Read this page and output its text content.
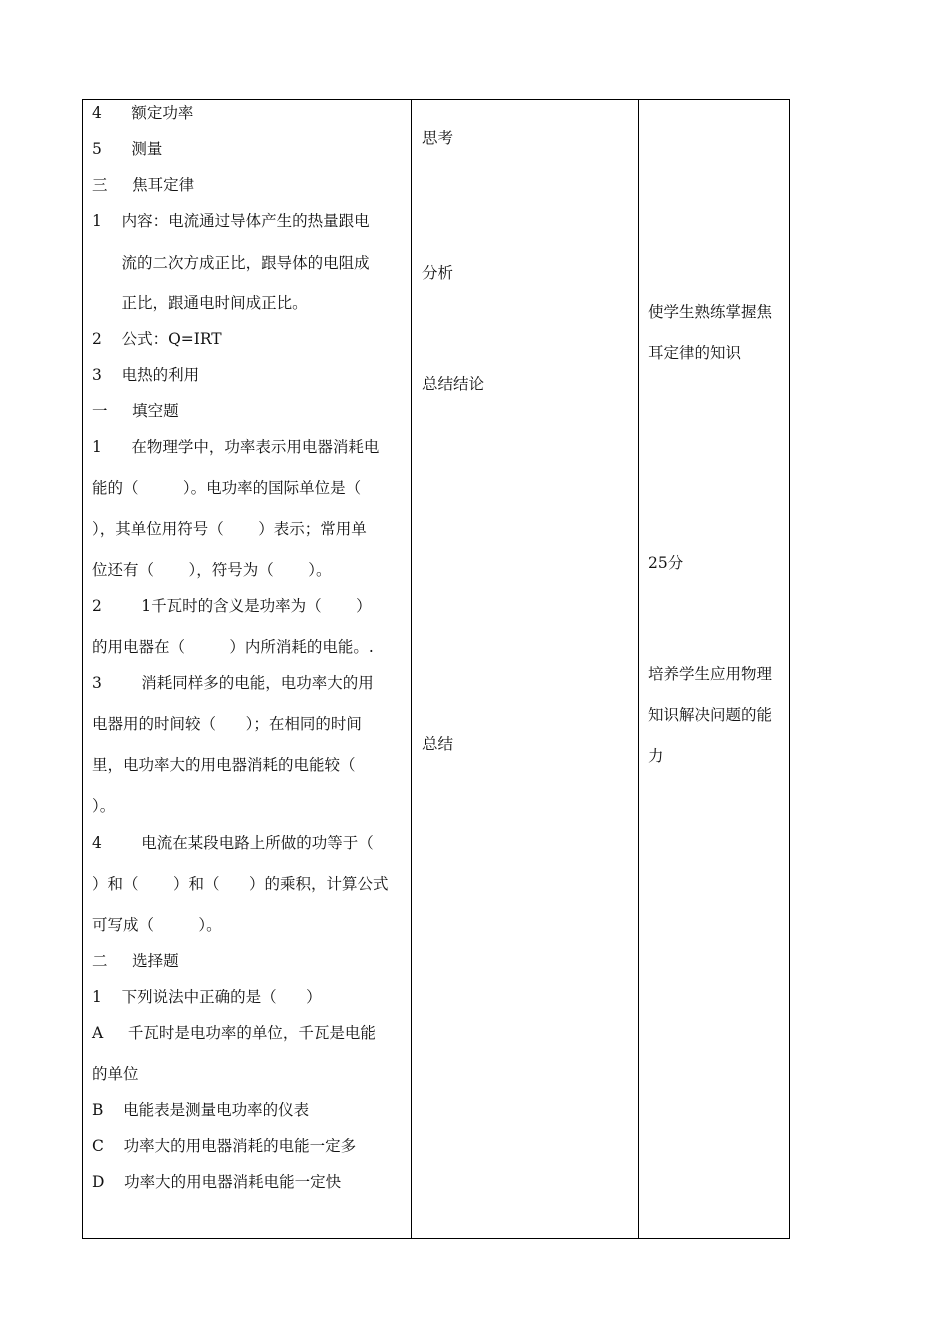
4      额定功率
5      测量
三     焦耳定律
1    内容：电流通过导体产生的热量跟电
流的二次方成正比，跟导体的电阻成
正比，跟通电时间成正比。
2    公式：Q=IRT
3    电热的利用
一     填空题
1      在物理学中，功率表示用电器消耗电
能的（         ）。电功率的国际单位是（
），其单位用符号（       ）表示；常用单
位还有（       ），符号为（       ）。
2        1千瓦时的含义是功率为（       ）
的用电器在（         ）内所消耗的电能。.
3        消耗同样多的电能，电功率大的用
电器用的时间较（      ）；在相同的时间
里，电功率大的用电器消耗的电能较（
）。
4        电流在某段电路上所做的功等于（
）和（       ）和（      ）的乘积，计算公式
可写成（         ）。
二     选择题
1    下列说法中正确的是（      ）
A     千瓦时是电功率的单位，千瓦是电能
的单位
B    电能表是测量电功率的仪表
C    功率大的用电器消耗的电能一定多
D    功率大的用电器消耗电能一定快
思考
分析
总结结论
总结
使学生熟练掌握焦
耳定律的知识
25分
培养学生应用物理
知识解决问题的能
力
